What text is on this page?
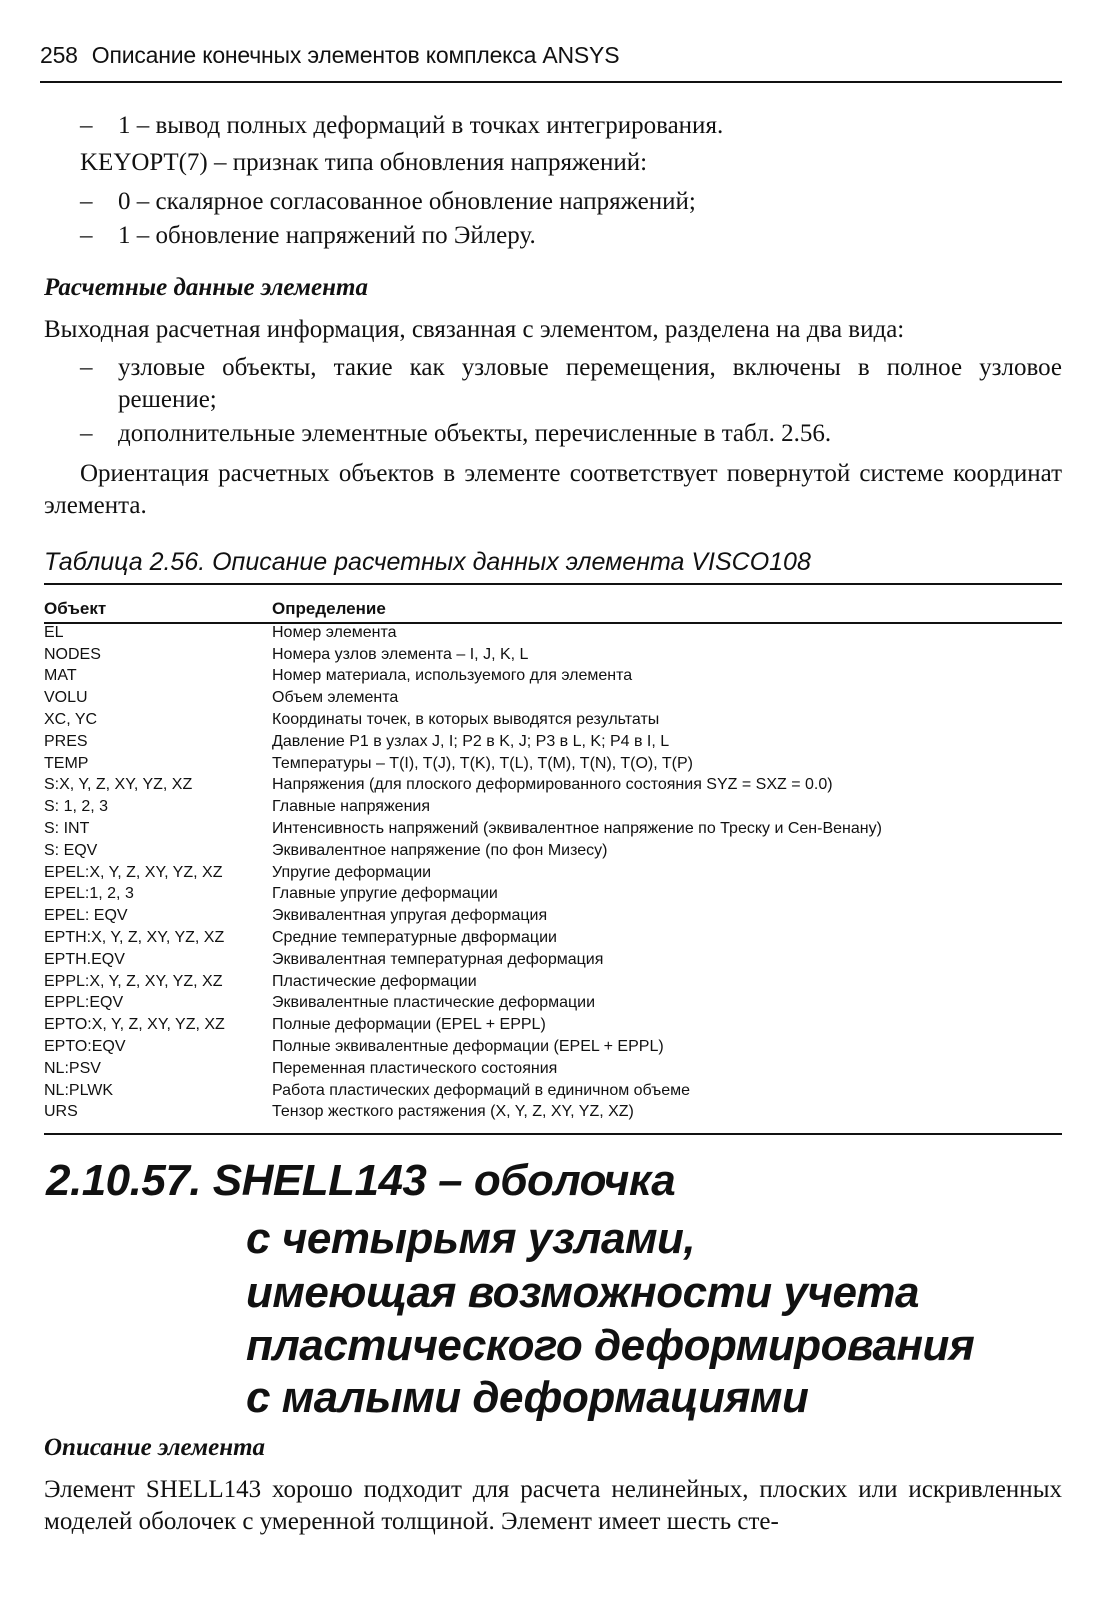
258 Описание конечных элементов комплекса ANSYS
–	1 – вывод полных деформаций в точках интегрирования.
KEYOPT(7) – признак типа обновления напряжений:
–	0 – скалярное согласованное обновление напряжений;
–	1 – обновление напряжений по Эйлеру.
Расчетные данные элемента
Выходная расчетная информация, связанная с элементом, разделена на два вида:
–	узловые объекты, такие как узловые перемещения, включены в полное узловое решение;
–	дополнительные элементные объекты, перечисленные в табл. 2.56.
Ориентация расчетных объектов в элементе соответствует повернутой системе координат элемента.
Таблица 2.56. Описание расчетных данных элемента VISCO108
Объект	Определение
EL	Номер элемента
NODES	Номера узлов элемента – I, J, K, L
MAT	Номер материала, используемого для элемента
VOLU	Объем элемента
XC, YC	Координаты точек, в которых выводятся результаты
PRES	Давление P1 в узлах J, I; P2 в K, J; P3 в L, K; P4 в I, L
TEMP	Температуры – T(I), T(J), T(K), T(L), T(M), T(N), T(O), T(P)
S:X, Y, Z, XY, YZ, XZ	Напряжения (для плоского деформированного состояния SYZ = SXZ = 0.0)
S: 1, 2, 3	Главные напряжения
S: INT	Интенсивность напряжений (эквивалентное напряжение по Треску и Сен-Венану)
S: EQV	Эквивалентное напряжение (по фон Мизесу)
EPEL:X, Y, Z, XY, YZ, XZ	Упругие деформации
EPEL:1, 2, 3	Главные упругие деформации
EPEL: EQV	Эквивалентная упругая деформация
EPTH:X, Y, Z, XY, YZ, XZ	Средние температурные двформации
EPTH.EQV	Эквивалентная температурная деформация
EPPL:X, Y, Z, XY, YZ, XZ	Пластические деформации
EPPL:EQV	Эквивалентные пластические деформации
EPTO:X, Y, Z, XY, YZ, XZ	Полные деформации (EPEL + EPPL)
EPTO:EQV	Полные эквивалентные деформации (EPEL + EPPL)
NL:PSV	Переменная пластического состояния
NL:PLWK	Работа пластических деформаций в единичном объеме
URS	Тензор жесткого растяжения (X, Y, Z, XY, YZ, XZ)
2.10.57. SHELL143 – оболочка
с четырьмя узлами,
имеющая возможности учета
пластического деформирования
с малыми деформациями
Описание элемента
Элемент SHELL143 хорошо подходит для расчета нелинейных, плоских или искривленных моделей оболочек с умеренной толщиной. Элемент имеет шесть сте-
